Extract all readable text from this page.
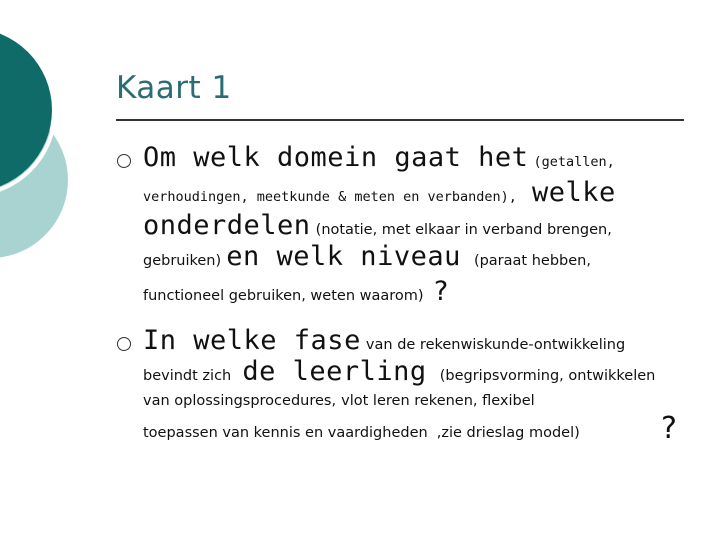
Kaart 1
Om welk domein gaat het (getallen,
verhoudingen, meetkunde & meten en verbanden), welke
onderdelen (notatie, met elkaar in verband brengen,
gebruiken) en welk niveau (paraat hebben,
functioneel gebruiken, weten waarom) ?
In welke fase van de rekenwiskunde-ontwikkeling
bevindt zich de leerling (begripsvorming, ontwikkelen
van oplossingsprocedures, vlot leren rekenen, flexibel
toepassen van kennis en vaardigheden ,zie drieslag model)	?
